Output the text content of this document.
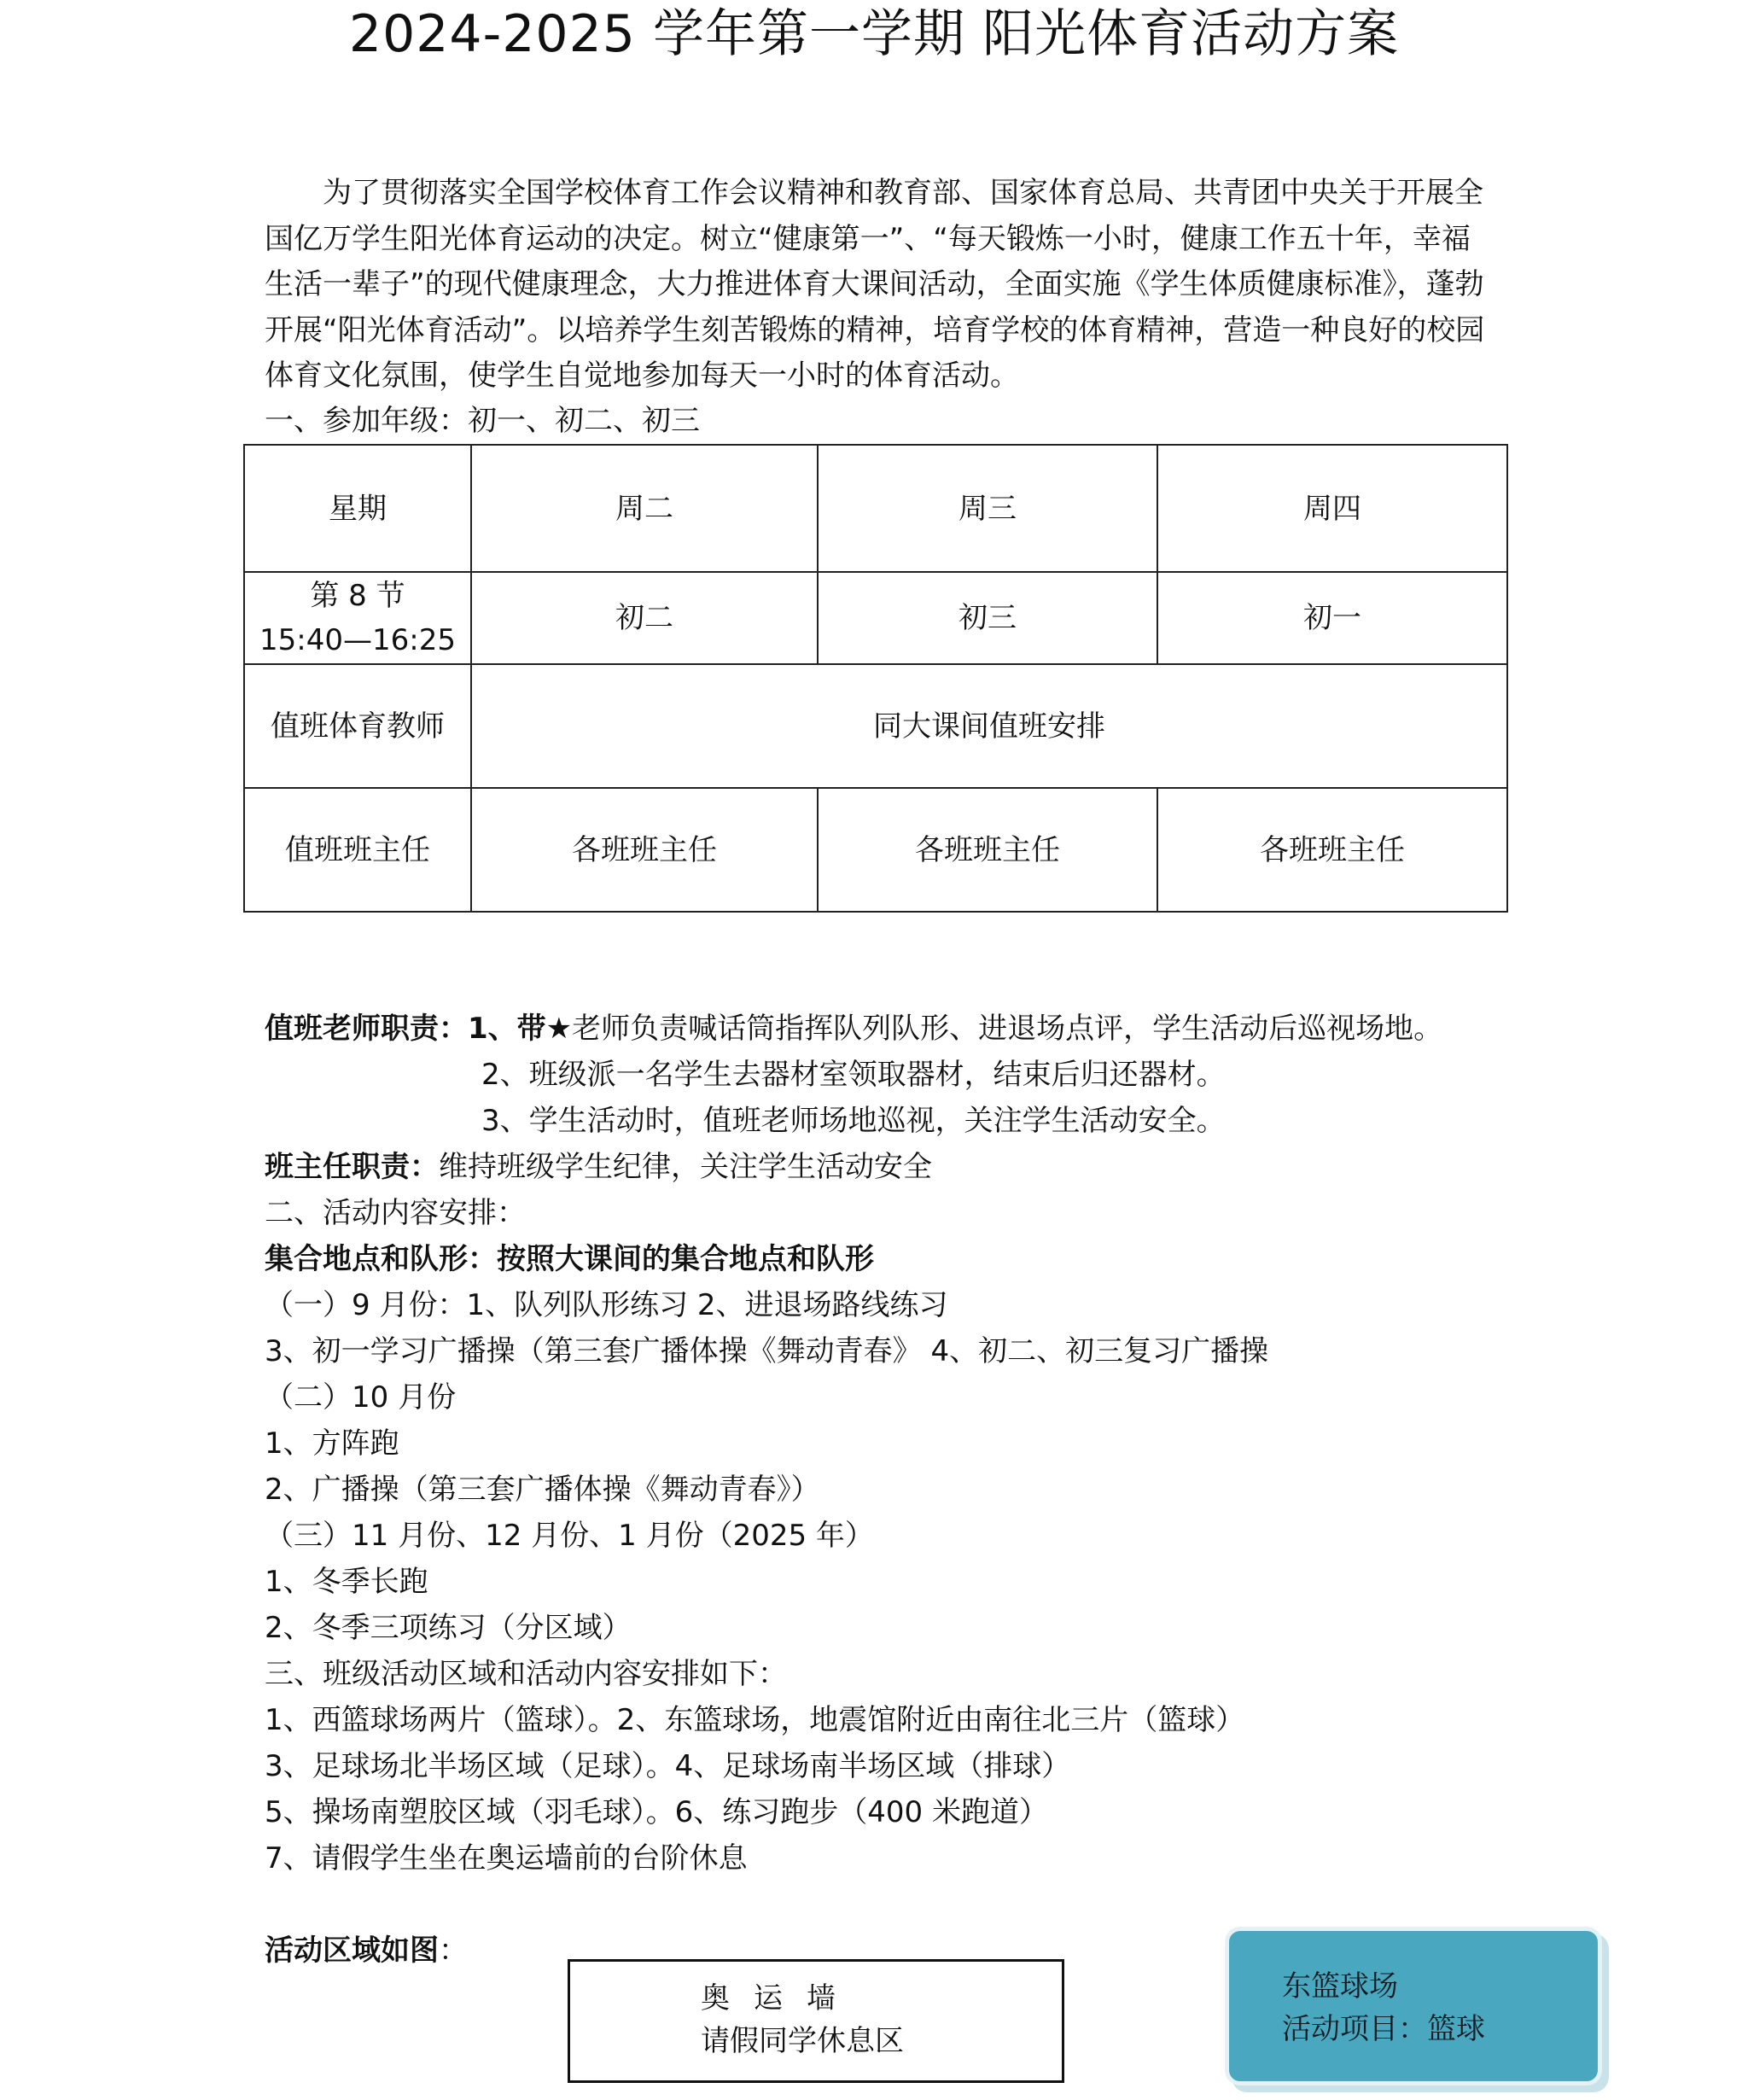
2024-2025 学年第一学期 阳光体育活动方案

为了贯彻落实全国学校体育工作会议精神和教育部、国家体育总局、共青团中央关于开展全国亿万学生阳光体育运动的决定。树立“健康第一”、“每天锻炼一小时，健康工作五十年，幸福生活一辈子”的现代健康理念，大力推进体育大课间活动，全面实施《学生体质健康标准》，蓬勃开展“阳光体育活动”。以培养学生刻苦锻炼的精神，培育学校的体育精神，营造一种良好的校园体育文化氛围，使学生自觉地参加每天一小时的体育活动。

一、参加年级：初一、初二、初三
星期	周二	周三	周四

第 8 节
15:40—16:25	初二	初三	初一
值班体育教师	同大课间值班安排		
值班班主任	各班班主任	各班班主任	各班班主任
值班老师职责：1、带★老师负责喊话筒指挥队列队形、进退场点评，学生活动后巡视场地。
2、班级派一名学生去器材室领取器材，结束后归还器材。
3、学生活动时，值班老师场地巡视，关注学生活动安全。
班主任职责：维持班级学生纪律，关注学生活动安全
二、活动内容安排：
集合地点和队形：按照大课间的集合地点和队形
（一）9 月份：1、队列队形练习 2、进退场路线练习
3、初一学习广播操（第三套广播体操《舞动青春》 4、初二、初三复习广播操
（二）10 月份
1、方阵跑
2、广播操（第三套广播体操《舞动青春》）
（三）11 月份、12 月份、1 月份（2025 年）
1、冬季长跑
2、冬季三项练习（分区域）
三、班级活动区域和活动内容安排如下：
1、西篮球场两片（篮球）。2、东篮球场，地震馆附近由南往北三片（篮球）
3、足球场北半场区域（足球）。4、足球场南半场区域（排球）
5、操场南塑胶区域（羽毛球）。6、练习跑步（400 米跑道）
7、请假学生坐在奥运墙前的台阶休息
活动区域如图：
奥运墙
请假同学休息区
东篮球场
活动项目：篮球
